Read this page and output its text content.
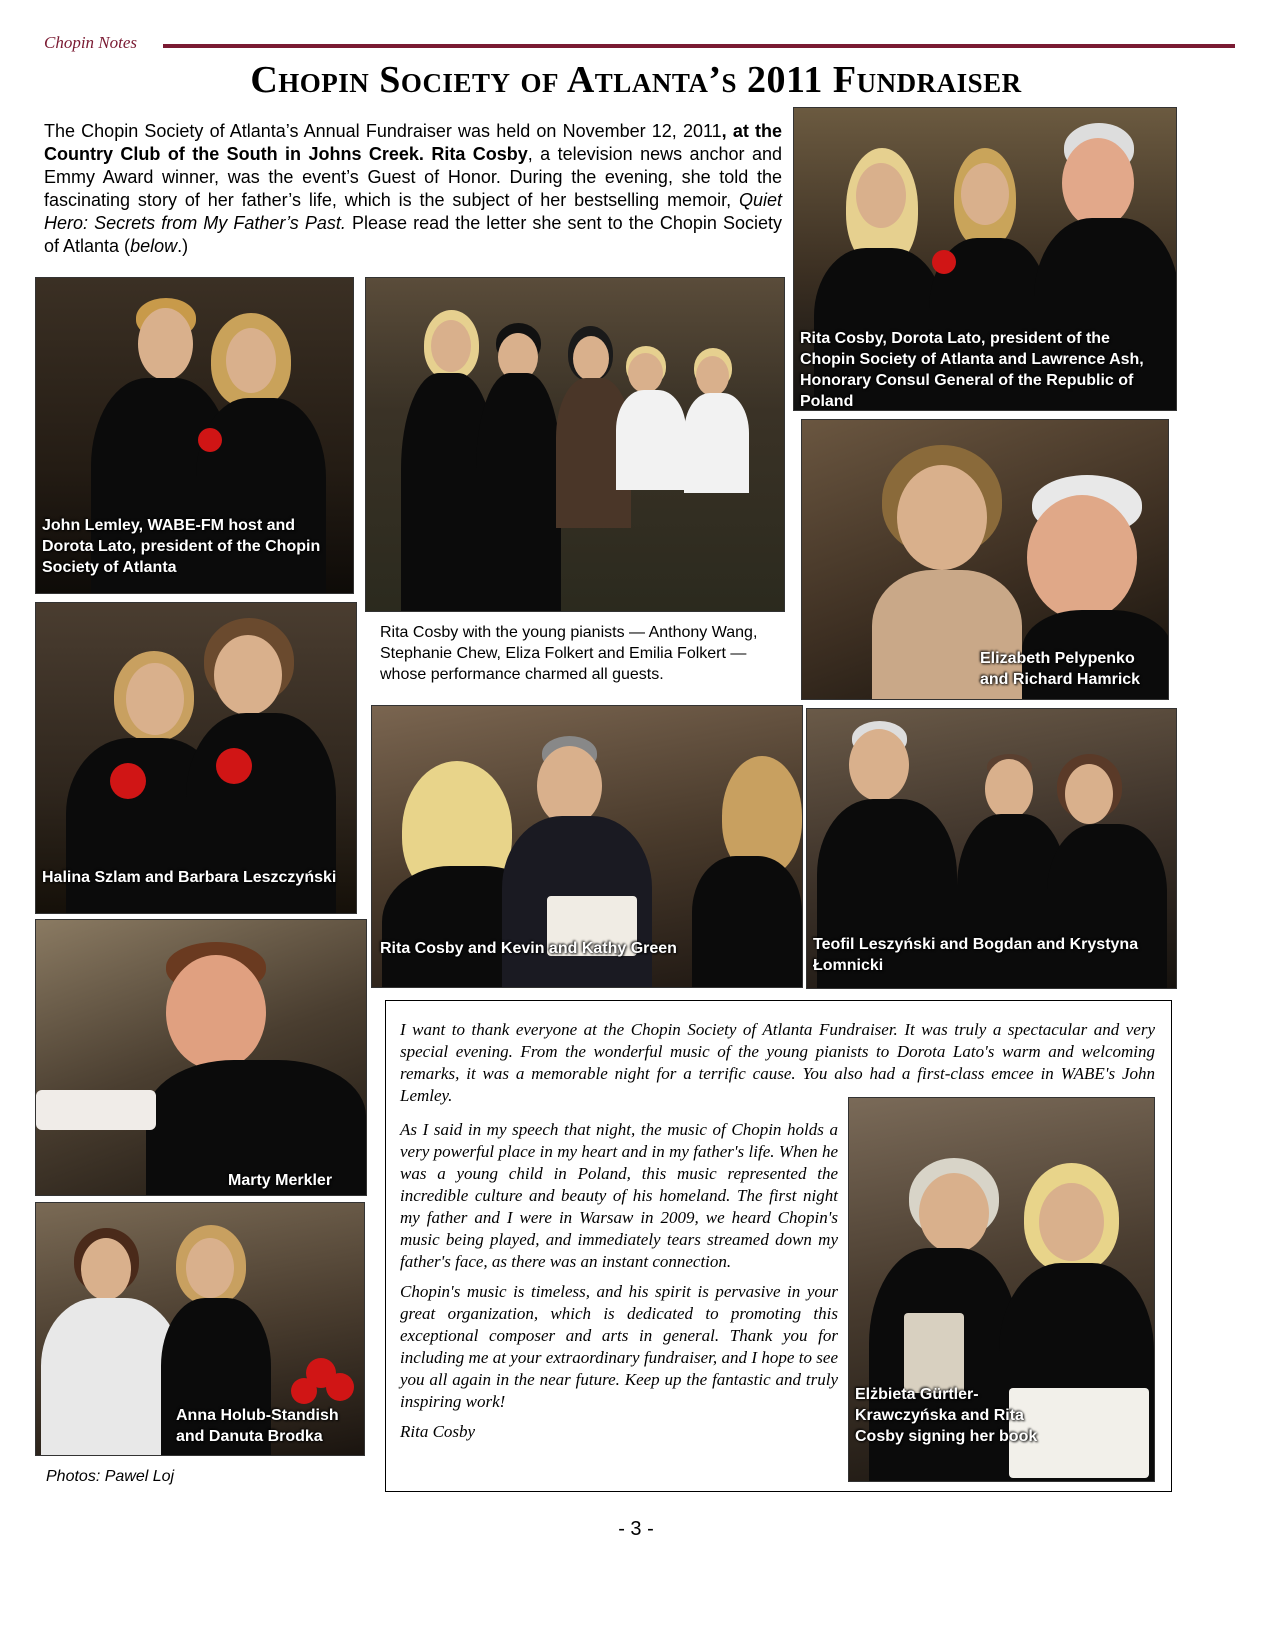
Chopin Notes
Chopin Society of Atlanta’s 2011 Fundraiser
The Chopin Society of Atlanta’s Annual Fundraiser was held on November 12, 2011, at the Country Club of the South in Johns Creek. Rita Cosby, a television news anchor and Emmy Award winner, was the event’s Guest of Honor. During the evening, she told the fascinating story of her father’s life, which is the subject of her bestselling memoir, Quiet Hero: Secrets from My Father’s Past. Please read the letter she sent to the Chopin Society of Atlanta (below.)
Rita Cosby, Dorota Lato, president of the Chopin Society of Atlanta and Lawrence Ash, Honorary Consul General of the Republic of Poland
John Lemley, WABE-FM host and Dorota Lato, president of the Chopin Society of Atlanta
Rita Cosby with the young pianists — Anthony Wang, Stephanie Chew, Eliza Folkert and Emilia Folkert — whose performance charmed all guests.
Elizabeth Pelypenko and Richard Hamrick
Halina Szlam and Barbara Leszczyński
Rita Cosby and Kevin and Kathy Green	Teofil Leszyński and Bogdan and Krystyna Łomnicki
Marty Merkler
Anna Holub-Standish and Danuta Brodka

I want to thank everyone at the Chopin Society of Atlanta Fundraiser. It was truly a spectacular and very special evening. From the wonderful music of the young pianists to Dorota Lato's warm and welcoming remarks, it was a memorable night for a terrific cause. You also had a first-class emcee in WABE's John Lemley.

As I said in my speech that night, the music of Chopin holds a very powerful place in my heart and in my father's life. When he was a young child in Poland, this music represented the incredible culture and beauty of his homeland. The first night my father and I were in Warsaw in 2009, we heard Chopin's music being played, and immediately tears streamed down my father's face, as there was an instant connection.

Chopin's music is timeless, and his spirit is pervasive in your great organization, which is dedicated to promoting this exceptional composer and arts in general. Thank you for including me at your extraordinary fundraiser, and I hope to see you all again in the near future. Keep up the fantastic and truly inspiring work!

Rita Cosby

Elżbieta Gürtler-Krawczyńska and Rita Cosby signing her book
Photos: Pawel Loj
- 3 -
